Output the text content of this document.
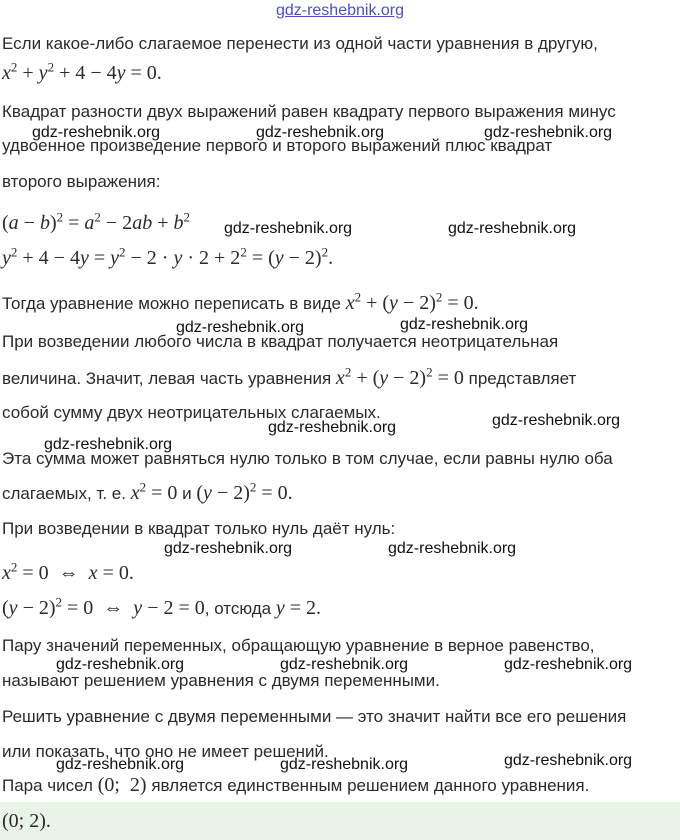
gdz-reshebnik.org
Если какое-либо слагаемое перенести из одной части уравнения в другую,
$x^2 + y^2 + 4 - 4y = 0$.
Квадрат разности двух выражений равен квадрату первого выражения минус
удвоенное произведение первого и второго выражений плюс квадрат
второго выражения:
$(a - b)^2 = a^2 - 2ab + b^2$
$y^2 + 4 - 4y = y^2 - 2 \cdot y \cdot 2 + 2^2 = (y - 2)^2$.
Тогда уравнение можно переписать в виде $x^2 + (y - 2)^2 = 0$.
При возведении любого числа в квадрат получается неотрицательная
величина. Значит, левая часть уравнения $x^2 + (y - 2)^2 = 0$ представляет
собой сумму двух неотрицательных слагаемых.
Эта сумма может равняться нулю только в том случае, если равны нулю оба
слагаемых, т. е. $x^2 = 0$ и $(y - 2)^2 = 0$.
При возведении в квадрат только нуль даёт нуль:
$x^2 = 0$  ⇔  x = 0.
$(y - 2)^2 = 0$  ⇔  y − 2 = 0, отсюда y = 2.
Пару значений переменных, обращающую уравнение в верное равенство,
называют решением уравнения с двумя переменными.
Решить уравнение с двумя переменными — это значит найти все его решения
или показать, что оно не имеет решений.
Пара чисел (0;  2) является единственным решением данного уравнения.
(0; 2).
gdz-reshebnik.org	gdz-reshebnik.org	gdz-reshebnik.org
gdz-reshebnik.org	gdz-reshebnik.org
gdz-reshebnik.org	gdz-reshebnik.org
gdz-reshebnik.org	gdz-reshebnik.org
gdz-reshebnik.org
gdz-reshebnik.org	gdz-reshebnik.org
gdz-reshebnik.org	gdz-reshebnik.org	gdz-reshebnik.org
gdz-reshebnik.org	gdz-reshebnik.org	gdz-reshebnik.org
